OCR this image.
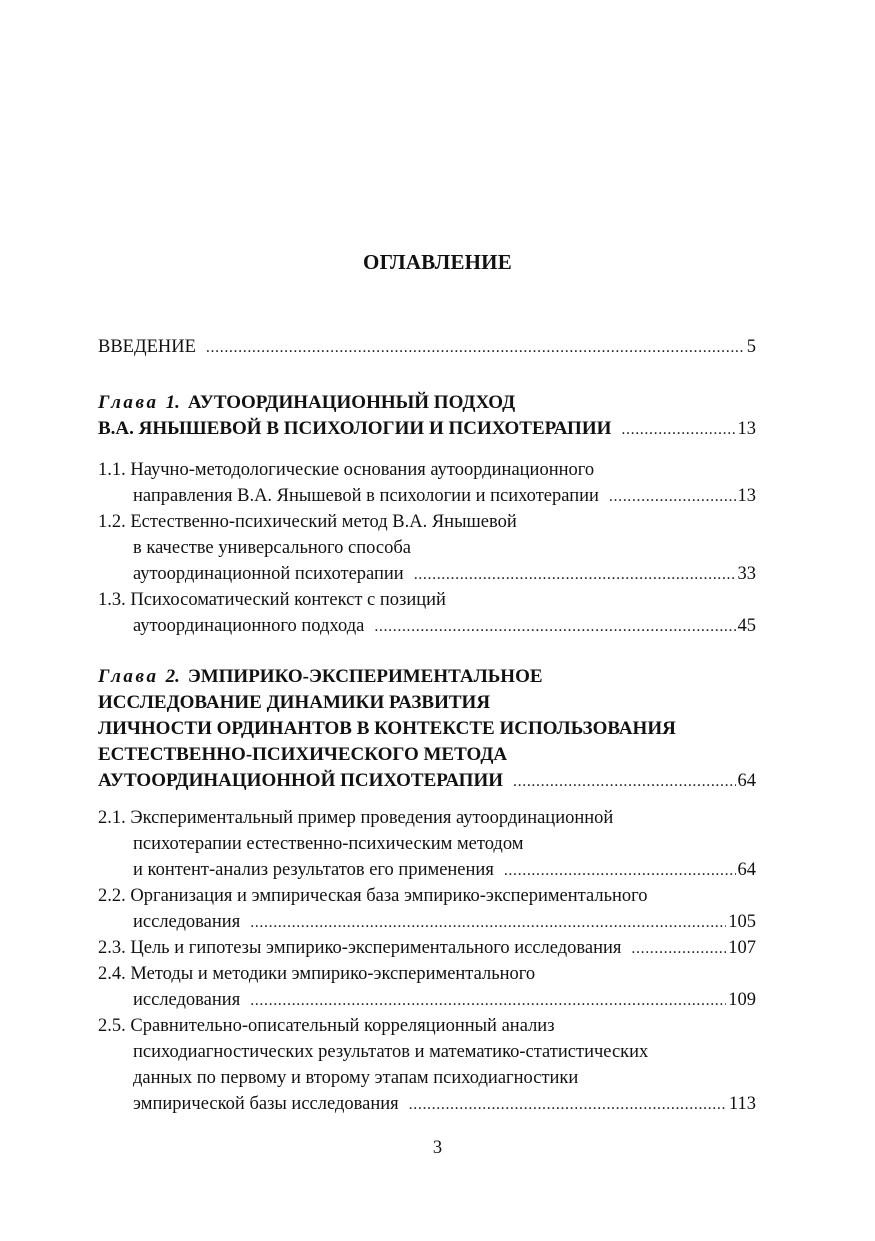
ОГЛАВЛЕНИЕ
ВВЕДЕНИЕ .....	5
Глава 1. АУТООРДИНАЦИОННЫЙ ПОДХОД
В.А. ЯНЫШЕВОЙ В ПСИХОЛОГИИ И ПСИХОТЕРАПИИ .....	13
1.1.
Научно-методологические основания аутоординационного
направления В.А. Янышевой в психологии и психотерапии .....	13
1.2.
Естественно-психический метод В.А. Янышевой
в качестве универсального способа
аутоординационной психотерапии .....	33
1.3.
Психосоматический контекст с позиций
аутоординационного подхода .....	45
Глава 2. ЭМПИРИКО-ЭКСПЕРИМЕНТАЛЬНОЕ
ИССЛЕДОВАНИЕ ДИНАМИКИ РАЗВИТИЯ
ЛИЧНОСТИ ОРДИНАНТОВ В КОНТЕКСТЕ ИСПОЛЬЗОВАНИЯ
ЕСТЕСТВЕННО-ПСИХИЧЕСКОГО МЕТОДА
АУТООРДИНАЦИОННОЙ ПСИХОТЕРАПИИ .....	64
2.1.
Экспериментальный пример проведения аутоординационной
психотерапии естественно-психическим методом
и контент-анализ результатов его применения .....	64
2.2.
Организация и эмпирическая база эмпирико-экспериментального
исследования .....	105
2.3.
Цель и гипотезы эмпирико-экспериментального исследования .....	107
2.4.
Методы и методики эмпирико-экспериментального
исследования .....	109
2.5.
Сравнительно-описательный корреляционный анализ
психодиагностических результатов и математико-статистических
данных по первому и второму этапам психодиагностики
эмпирической базы исследования .....	113
3
